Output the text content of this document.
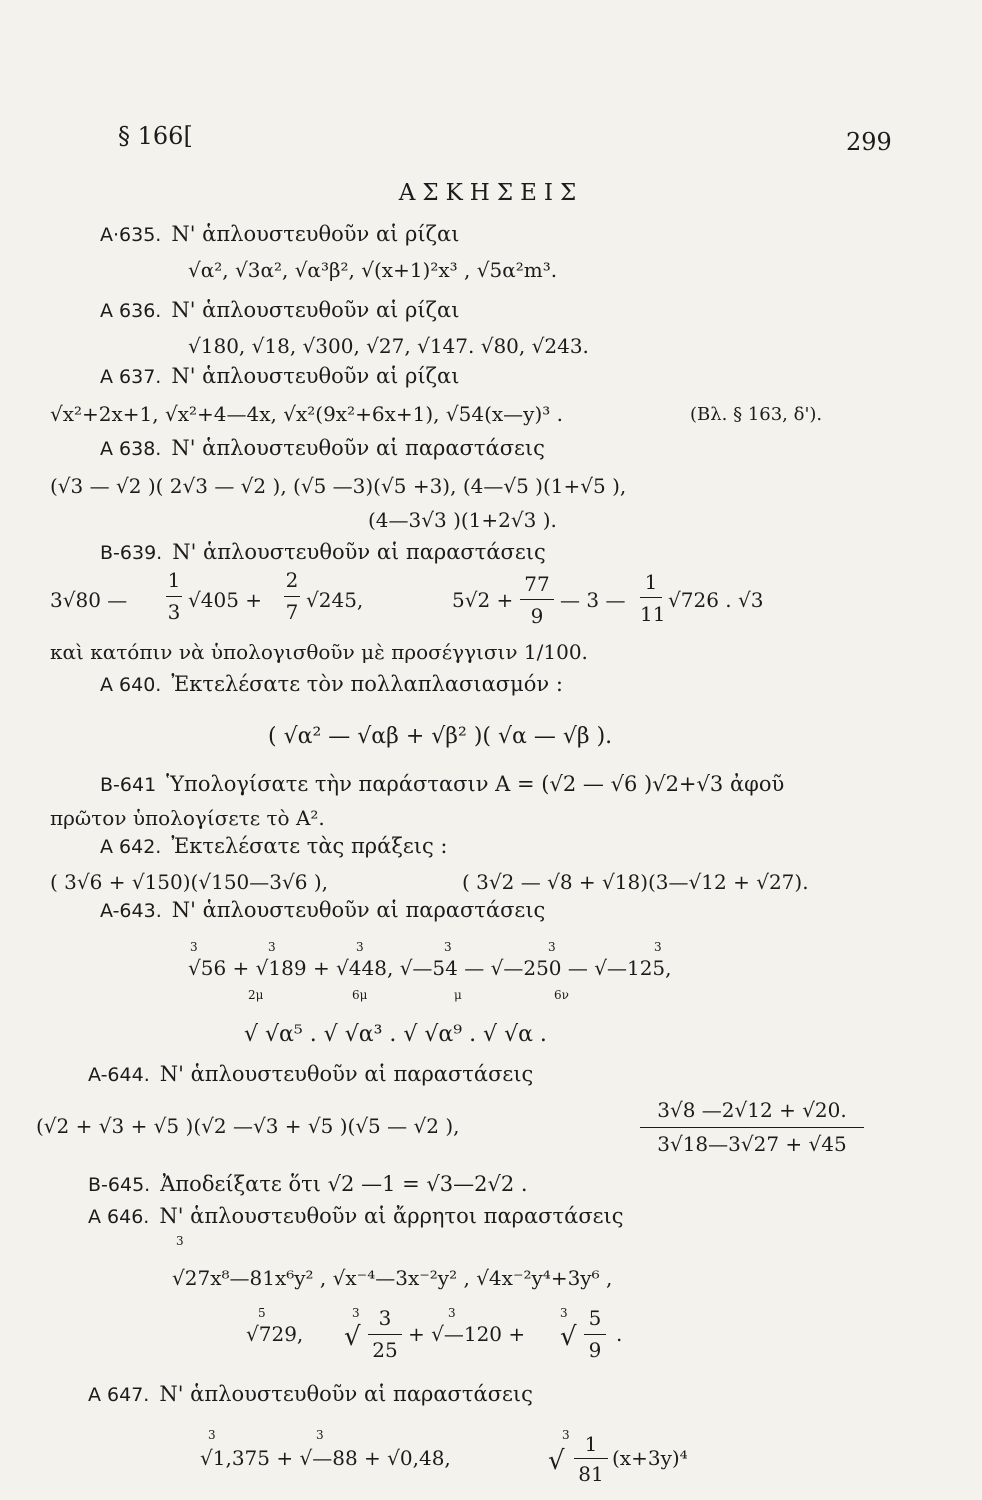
§ 166[	299
ΑΣΚΗΣΕΙΣ
A·635. Ν' ἁπλουστευθοῦν αἱ ρίζαι
√α², √3α², √α³β², √(x+1)²x³ , √5α²m³.
A 636. Ν' ἁπλουστευθοῦν αἱ ρίζαι
√180, √18, √300, √27, √147. √80, √243.
A 637. Ν' ἁπλουστευθοῦν αἱ ρίζαι
√x²+2x+1, √x²+4—4x, √x²(9x²+6x+1), √54(x—y)³ .	(Βλ. § 163, δ').
A 638. Ν' ἁπλουστευθοῦν αἱ παραστάσεις
(√3 — √2 )( 2√3 — √2 ), (√5 —3)(√5 +3), (4—√5 )(1+√5 ),
(4—3√3 )(1+2√3 ).
B-639. Ν' ἁπλουστευθοῦν αἱ παραστάσεις
3√80 —
1
3 √405 +
2
7 √245,	5√2 +
77
9
— 3 —
1
11
√726 . √3
καὶ κατόπιν νὰ ὑπολογισθοῦν μὲ προσέγγισιν 1/100.
A 640. Ἐκτελέσατε τὸν πολλαπλασιασμόν :
( √α² — √αβ + √β² )( √α — √β ).
B-641 Ὑπολογίσατε τὴν παράστασιν Α = (√2 — √6 )√2+√3 ἀφοῦ
πρῶτον ὑπολογίσετε τὸ Α².
A 642. Ἐκτελέσατε τὰς πράξεις :
( 3√6 + √150)(√150—3√6 ),	( 3√2 — √8 + √18)(3—√12 + √27).
A-643. Ν' ἁπλουστευθοῦν αἱ παραστάσεις
3	3	3	3	3	3
√56 + √189 + √448, √—54 — √—250 — √—125,
2μ	6μ	μ	6ν
√ √α⁵ . √ √α³ . √ √α⁹ . √ √α .
A-644. Ν' ἁπλουστευθοῦν αἱ παραστάσεις
(√2 + √3 + √5 )(√2 —√3 + √5 )(√5 — √2 ),
3√8 —2√12 + √20.
3√18—3√27 + √45
B-645. Ἀποδείξατε ὅτι √2 —1 = √3—2√2 .
A 646. Ν' ἁπλουστευθοῦν αἱ ἄρρητοι παραστάσεις
3
√27x⁸—81x⁶y² , √x⁻⁴—3x⁻²y² , √4x⁻²y⁴+3y⁶ ,
5	3	3	3
√729, √
3
25
+ √—120 + √
5
9
.
A 647. Ν' ἁπλουστευθοῦν αἱ παραστάσεις
3	3	3
√1,375 + √—88 + √0,48,	√
1
81
(x+3y)⁴
